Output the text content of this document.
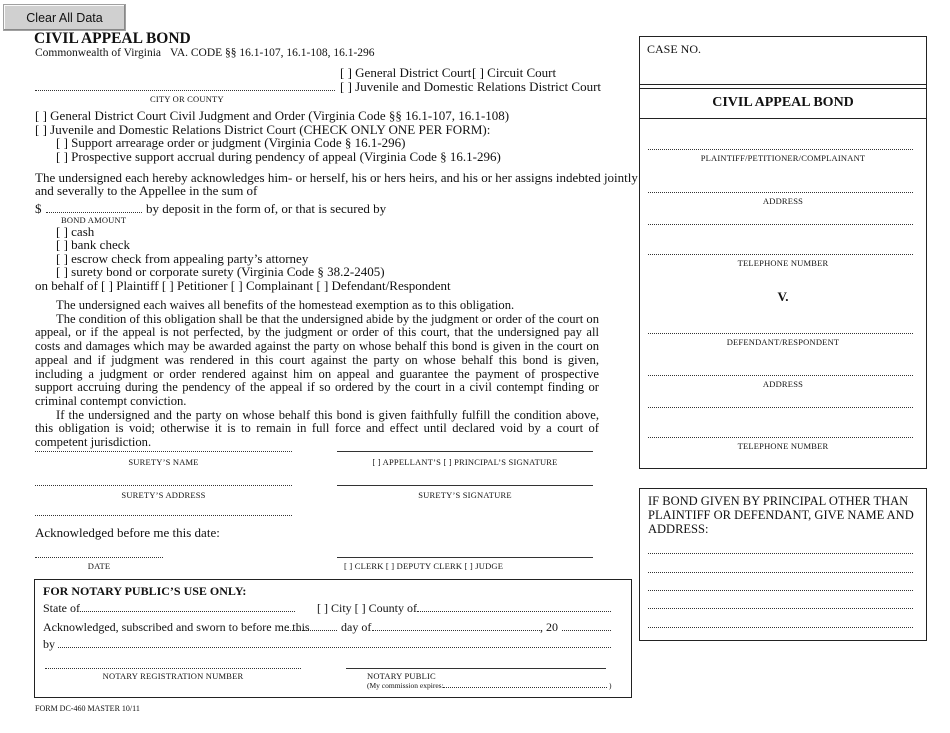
Clear All Data
CIVIL APPEAL BOND
Commonwealth of Virginia VA. CODE §§ 16.1-107, 16.1-108, 16.1-296
CITY OR COUNTY
[ ] General District Court [ ] Circuit Court
[ ] Juvenile and Domestic Relations District Court
[ ] General District Court Civil Judgment and Order (Virginia Code §§ 16.1-107, 16.1-108)
[ ] Juvenile and Domestic Relations District Court (CHECK ONLY ONE PER FORM):
[ ] Support arrearage order or judgment (Virginia Code § 16.1-296)
[ ] Prospective support accrual during pendency of appeal (Virginia Code § 16.1-296)
The undersigned each hereby acknowledges him- or herself, his or hers heirs, and his or her assigns indebted jointly
and severally to the Appellee in the sum of
$	by deposit in the form of, or that is secured by
BOND AMOUNT
[ ] cash
[ ] bank check
[ ] escrow check from appealing party’s attorney
[ ] surety bond or corporate surety (Virginia Code § 38.2-2405)
on behalf of [ ] Plaintiff [ ] Petitioner [ ] Complainant [ ] Defendant/Respondent
The undersigned each waives all benefits of the homestead exemption as to this obligation.
The condition of this obligation shall be that the undersigned abide by the judgment or order of the court on appeal, or if the appeal is not perfected, by the judgment or order of this court, that the undersigned pay all costs and damages which may be awarded against the party on whose behalf this bond is given in the court on appeal and if judgment was rendered in this court against the party on whose behalf this bond is given, including a judgment or order rendered against him on appeal and guarantee the payment of prospective support accruing during the pendency of the appeal if so ordered by the court in a civil contempt finding or criminal contempt conviction.
If the undersigned and the party on whose behalf this bond is given faithfully fulfill the condition above, this obligation is void; otherwise it is to remain in full force and effect until declared void by a court of competent jurisdiction.
SURETY’S NAME	[ ] APPELLANT’S [ ] PRINCIPAL’S SIGNATURE
SURETY’S ADDRESS	SURETY’S SIGNATURE
Acknowledged before me this date:
DATE	[ ] CLERK [ ] DEPUTY CLERK [ ] JUDGE
FOR NOTARY PUBLIC’S USE ONLY:
State of	[ ] City [ ] County of
Acknowledged, subscribed and sworn to before me this	day of	, 20
by
NOTARY REGISTRATION NUMBER	NOTARY PUBLIC
(My commission expires:	)
FORM DC-460 MASTER 10/11
CASE NO.
CIVIL APPEAL BOND
PLAINTIFF/PETITIONER/COMPLAINANT
ADDRESS
TELEPHONE NUMBER
V.
DEFENDANT/RESPONDENT
ADDRESS
TELEPHONE NUMBER
IF BOND GIVEN BY PRINCIPAL OTHER THAN PLAINTIFF OR DEFENDANT, GIVE NAME AND ADDRESS:
